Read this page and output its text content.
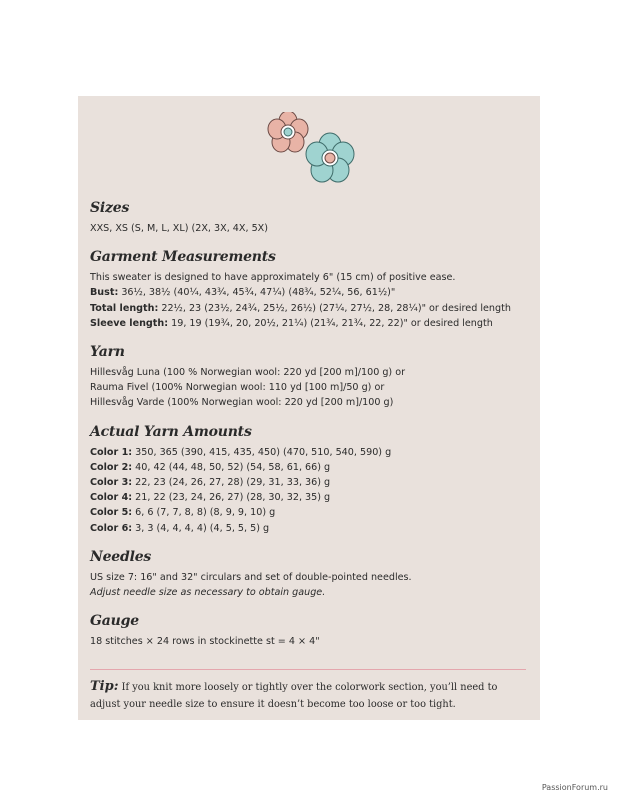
Sizes
XXS, XS (S, M, L, XL) (2X, 3X, 4X, 5X)
Garment Measurements
This sweater is designed to have approximately 6" (15 cm) of positive ease.
Bust: 36½, 38½ (40¼, 43¾, 45¾, 47¼) (48¾, 52¼, 56, 61½)"
Total length: 22½, 23 (23½, 24¾, 25½, 26½) (27¼, 27½, 28, 28¼)" or desired length
Sleeve length: 19, 19 (19¾, 20, 20½, 21¼) (21¾, 21¾, 22, 22)" or desired length
Yarn
Hillesvåg Luna (100 % Norwegian wool: 220 yd [200 m]/100 g) or
Rauma Fivel (100% Norwegian wool: 110 yd [100 m]/50 g) or
Hillesvåg Varde (100% Norwegian wool: 220 yd [200 m]/100 g)
Actual Yarn Amounts
Color 1: 350, 365 (390, 415, 435, 450) (470, 510, 540, 590) g
Color 2: 40, 42 (44, 48, 50, 52) (54, 58, 61, 66) g
Color 3: 22, 23 (24, 26, 27, 28) (29, 31, 33, 36) g
Color 4: 21, 22 (23, 24, 26, 27) (28, 30, 32, 35) g
Color 5: 6, 6 (7, 7, 8, 8) (8, 9, 9, 10) g
Color 6: 3, 3 (4, 4, 4, 4) (4, 5, 5, 5) g
Needles
US size 7: 16" and 32" circulars and set of double-pointed needles.
Adjust needle size as necessary to obtain gauge.
Gauge
18 stitches × 24 rows in stockinette st = 4 × 4"
Tip: If you knit more loosely or tightly over the colorwork section, you’ll need to adjust your needle size to ensure it doesn’t become too loose or too tight.
PassionForum.ru
